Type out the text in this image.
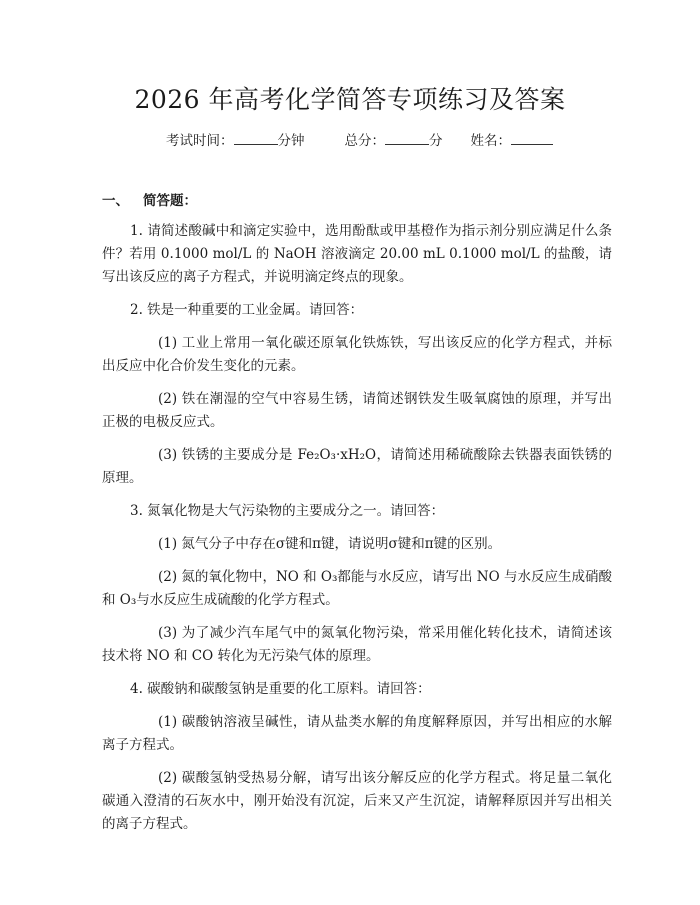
2026 年高考化学简答专项练习及答案
考试时间：	分钟	总分：	分 姓名：
一、 简答题：

1. 请简述酸碱中和滴定实验中，选用酚酞或甲基橙作为指示剂分别应满足什么条件？若用 0.1000 mol/L 的 NaOH 溶液滴定 20.00 mL 0.1000 mol/L 的盐酸，请写出该反应的离子方程式，并说明滴定终点的现象。

2. 铁是一种重要的工业金属。请回答：

(1) 工业上常用一氧化碳还原氧化铁炼铁，写出该反应的化学方程式，并标出反应中化合价发生变化的元素。

(2) 铁在潮湿的空气中容易生锈，请简述钢铁发生吸氧腐蚀的原理，并写出正极的电极反应式。

(3) 铁锈的主要成分是 Fe₂O₃·xH₂O，请简述用稀硫酸除去铁器表面铁锈的原理。

3. 氮氧化物是大气污染物的主要成分之一。请回答：

(1) 氮气分子中存在σ键和π键，请说明σ键和π键的区别。

(2) 氮的氧化物中，NO 和 O₃都能与水反应，请写出 NO 与水反应生成硝酸和 O₃与水反应生成硫酸的化学方程式。

(3) 为了减少汽车尾气中的氮氧化物污染，常采用催化转化技术，请简述该技术将 NO 和 CO 转化为无污染气体的原理。

4. 碳酸钠和碳酸氢钠是重要的化工原料。请回答：

(1) 碳酸钠溶液呈碱性，请从盐类水解的角度解释原因，并写出相应的水解离子方程式。

(2) 碳酸氢钠受热易分解，请写出该分解反应的化学方程式。将足量二氧化碳通入澄清的石灰水中，刚开始没有沉淀，后来又产生沉淀，请解释原因并写出相关的离子方程式。
